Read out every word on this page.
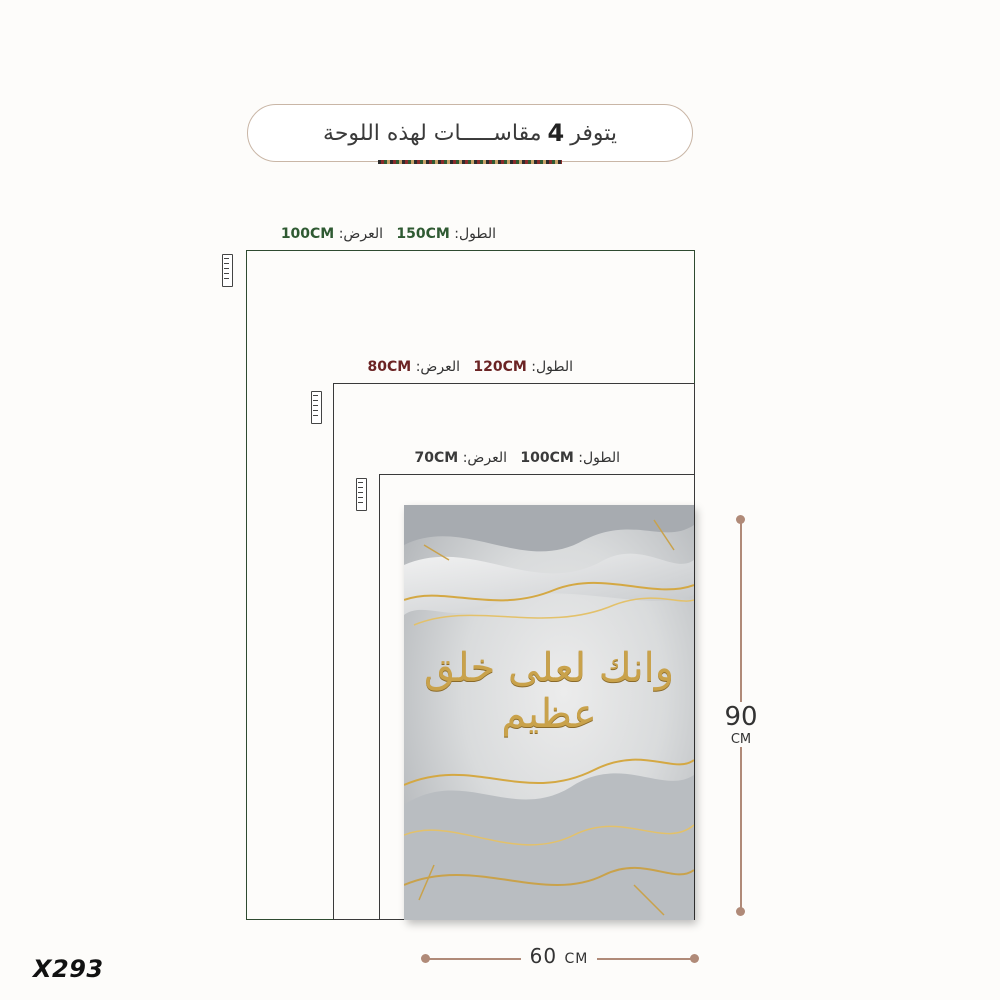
يتوفر
4
مقاســـــات لهذه اللوحة
الطول: 150CM   العرض: 100CM
الطول: 120CM   العرض: 80CM
الطول: 100CM   العرض: 70CM
وانك لعلى خلق عظيم
60 CM
90
CM
X293
